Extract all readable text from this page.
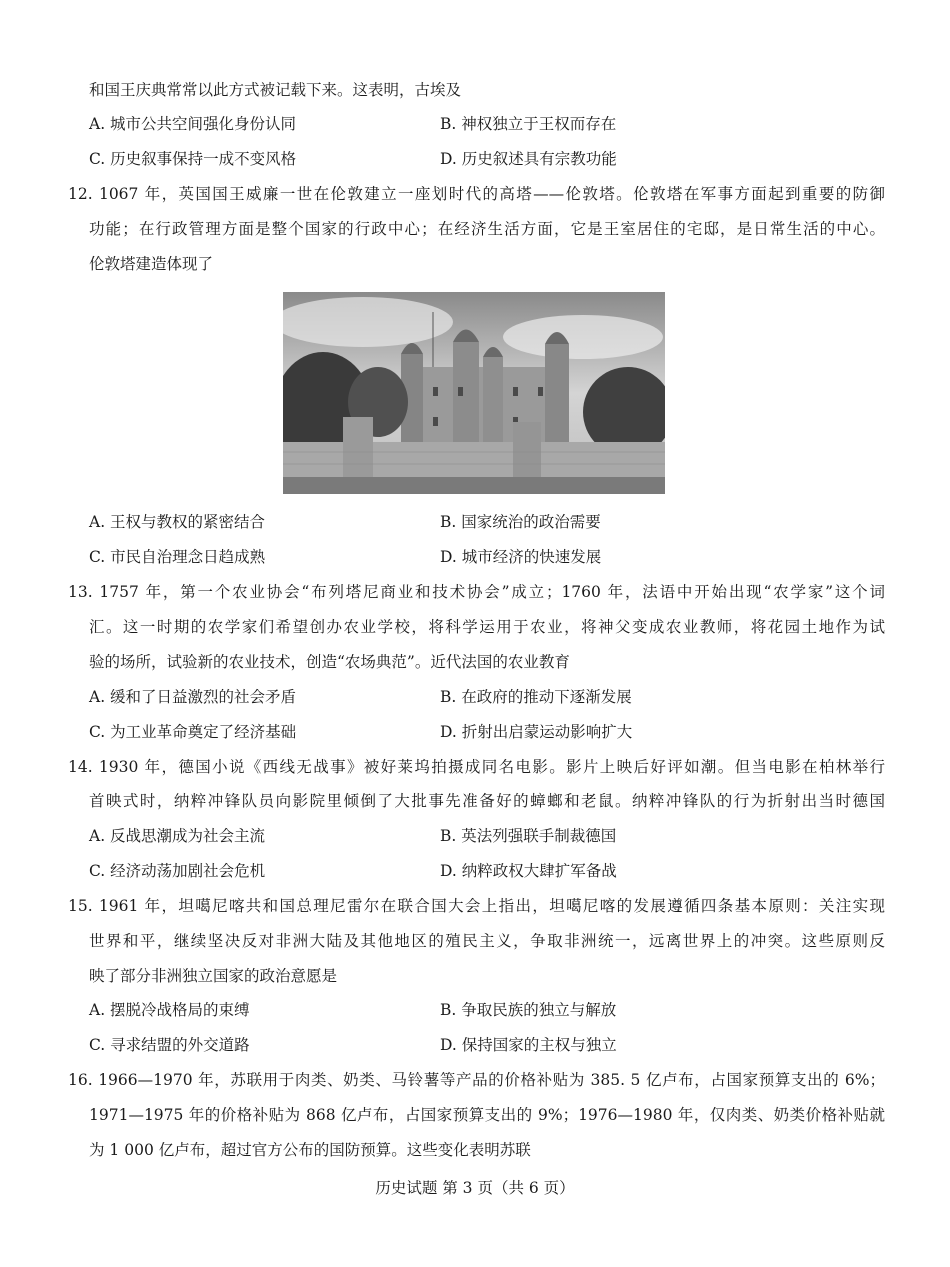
和国王庆典常常以此方式被记载下来。这表明，古埃及
A. 城市公共空间强化身份认同	B. 神权独立于王权而存在
C. 历史叙事保持一成不变风格	D. 历史叙述具有宗教功能
12. 1067 年，英国国王威廉一世在伦敦建立一座划时代的高塔——伦敦塔。伦敦塔在军事方面起到重要的防御
功能；在行政管理方面是整个国家的行政中心；在经济生活方面，它是王室居住的宅邸，是日常生活的中心。
伦敦塔建造体现了
A. 王权与教权的紧密结合	B. 国家统治的政治需要
C. 市民自治理念日趋成熟	D. 城市经济的快速发展
13. 1757 年，第一个农业协会“布列塔尼商业和技术协会”成立；1760 年，法语中开始出现“农学家”这个词
汇。这一时期的农学家们希望创办农业学校，将科学运用于农业，将神父变成农业教师，将花园土地作为试
验的场所，试验新的农业技术，创造“农场典范”。近代法国的农业教育
A. 缓和了日益激烈的社会矛盾	B. 在政府的推动下逐渐发展
C. 为工业革命奠定了经济基础	D. 折射出启蒙运动影响扩大
14. 1930 年，德国小说《西线无战事》被好莱坞拍摄成同名电影。影片上映后好评如潮。但当电影在柏林举行
首映式时，纳粹冲锋队员向影院里倾倒了大批事先准备好的蟑螂和老鼠。纳粹冲锋队的行为折射出当时德国
A. 反战思潮成为社会主流	B. 英法列强联手制裁德国
C. 经济动荡加剧社会危机	D. 纳粹政权大肆扩军备战
15. 1961 年，坦噶尼喀共和国总理尼雷尔在联合国大会上指出，坦噶尼喀的发展遵循四条基本原则：关注实现
世界和平，继续坚决反对非洲大陆及其他地区的殖民主义，争取非洲统一，远离世界上的冲突。这些原则反
映了部分非洲独立国家的政治意愿是
A. 摆脱冷战格局的束缚	B. 争取民族的独立与解放
C. 寻求结盟的外交道路	D. 保持国家的主权与独立
16. 1966—1970 年，苏联用于肉类、奶类、马铃薯等产品的价格补贴为 385. 5 亿卢布，占国家预算支出的 6%；
1971—1975 年的价格补贴为 868 亿卢布，占国家预算支出的 9%；1976—1980 年，仅肉类、奶类价格补贴就
为 1 000 亿卢布，超过官方公布的国防预算。这些变化表明苏联
历史试题 第 3 页（共 6 页）
